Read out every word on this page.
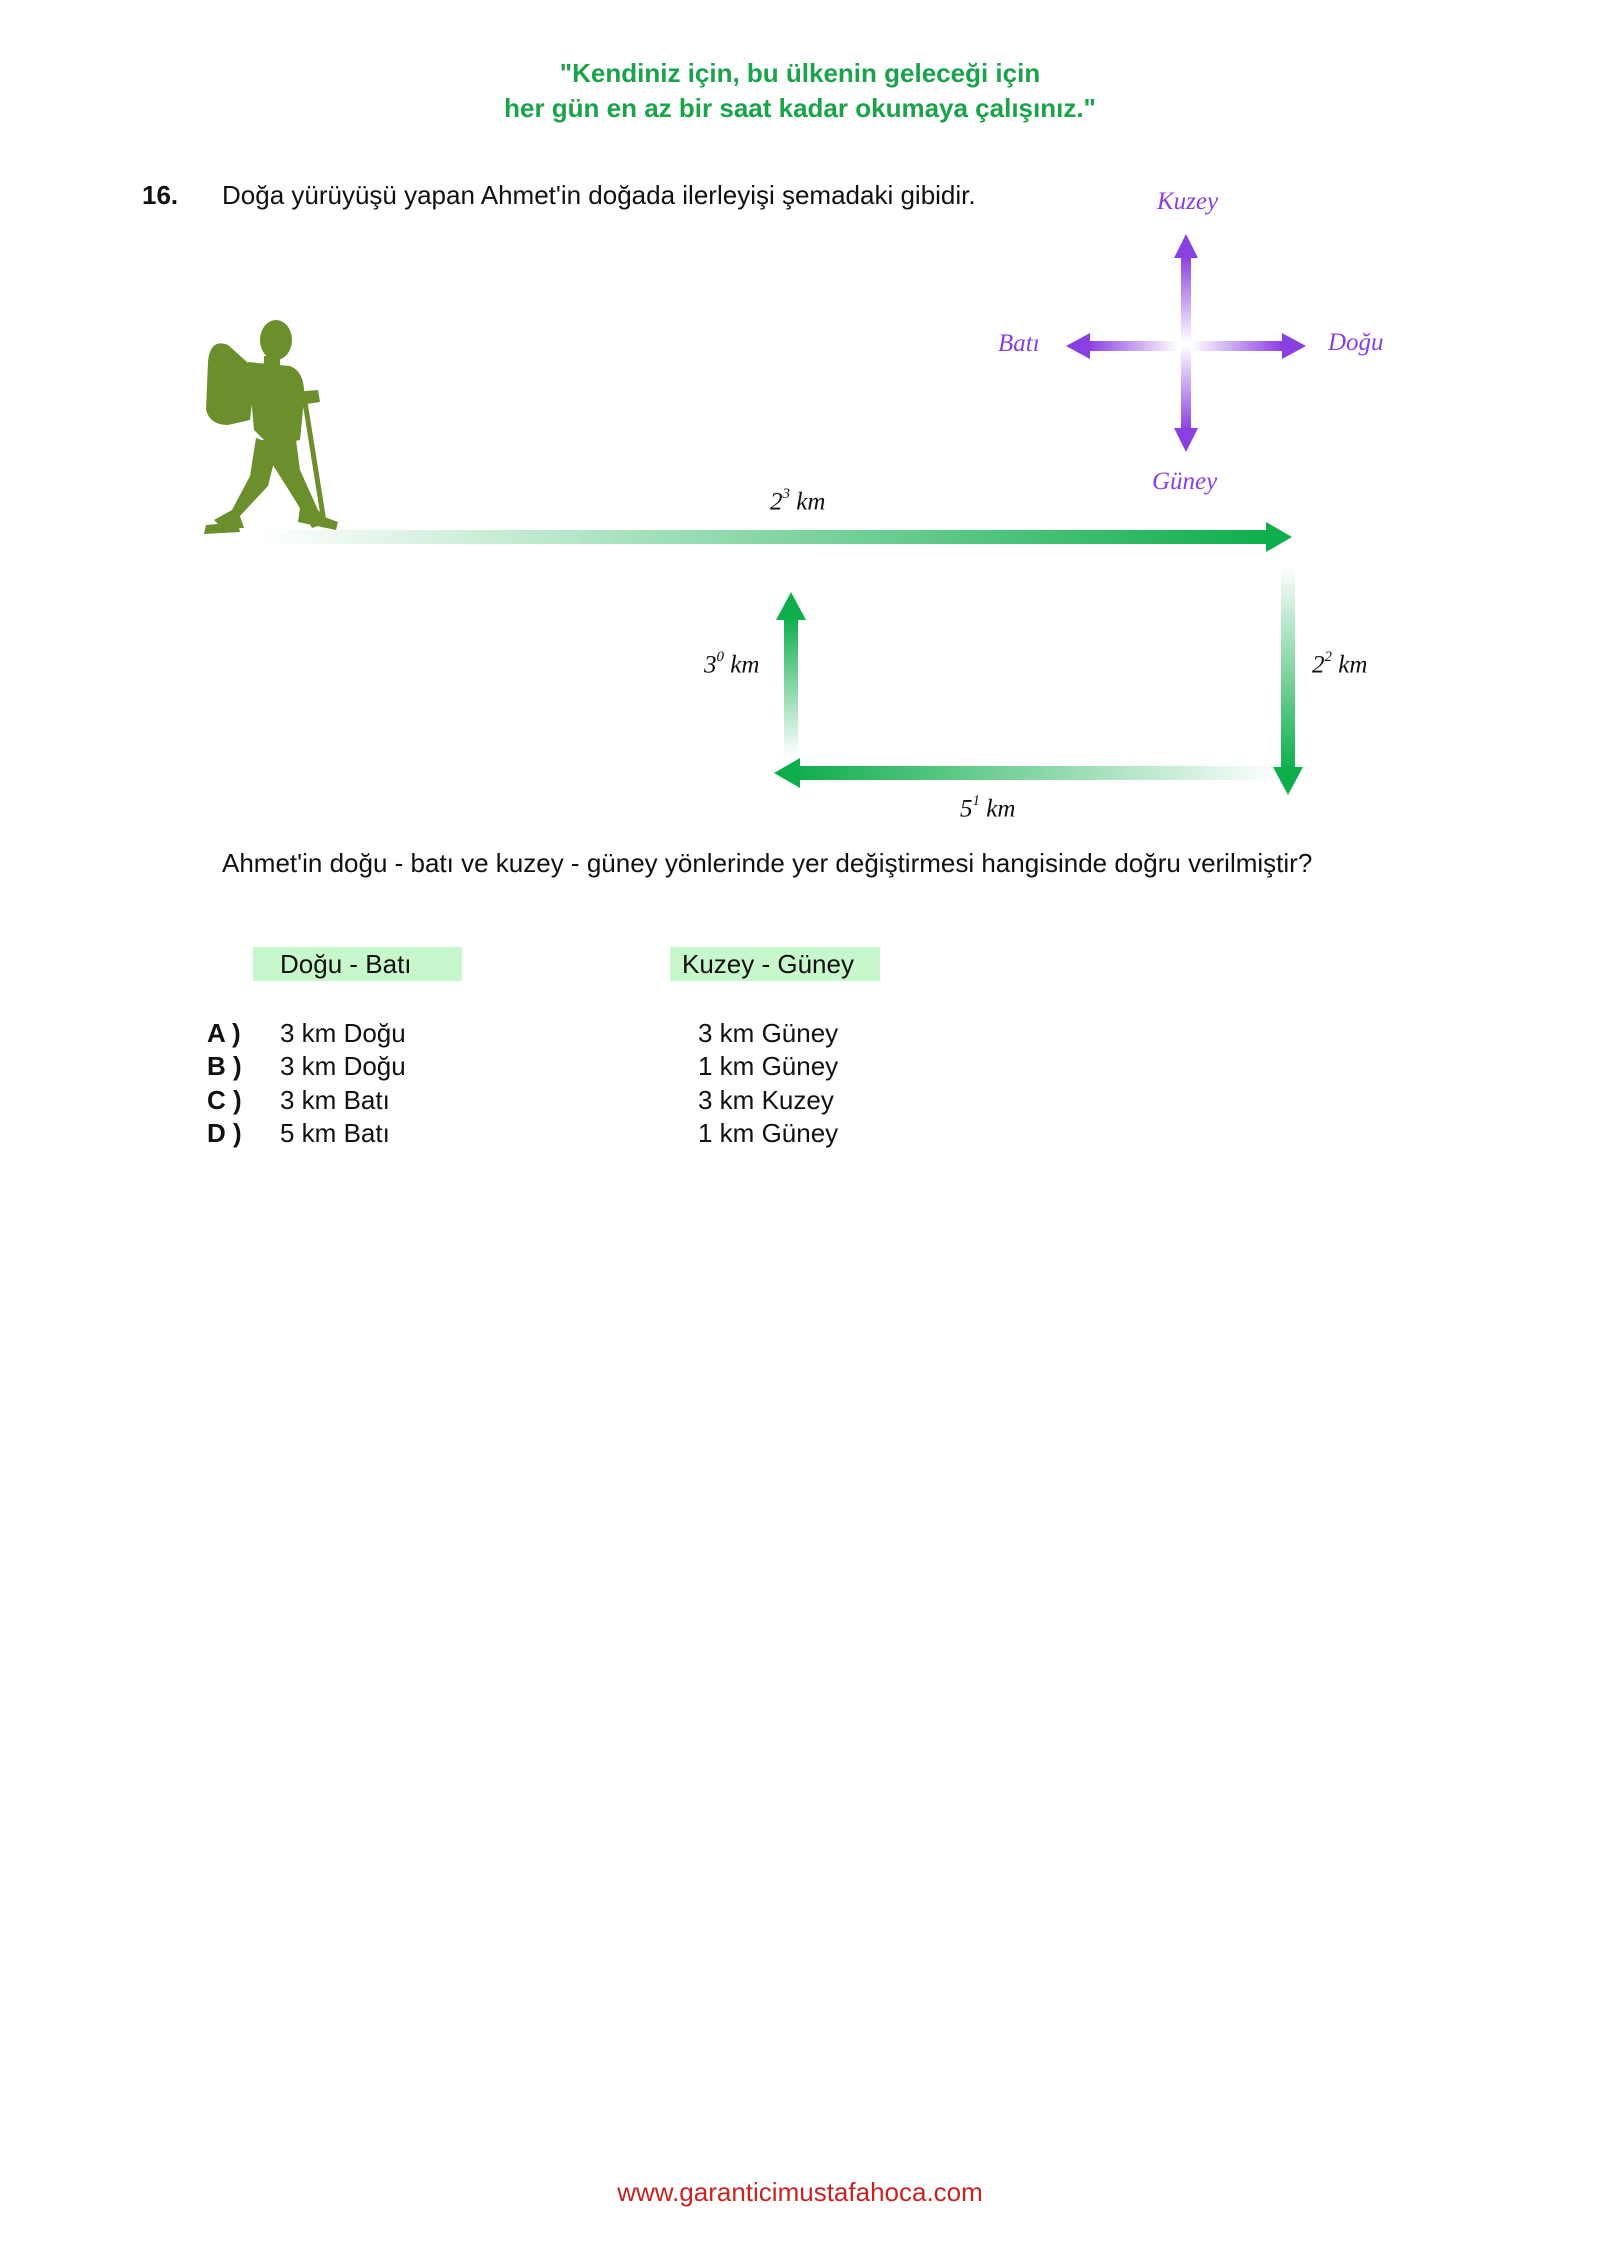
"Kendiniz için, bu ülkenin geleceği için
her gün en az bir saat kadar okumaya çalışınız."
16. Doğa yürüyüşü yapan Ahmet'in doğada ilerleyişi şemadaki gibidir.	Kuzey
Güney
Doğu
Batı
$2^3$ km
$2^2$ km
$5^1$ km
$3^0$ km
Ahmet'in doğu - batı ve kuzey - güney yönlerinde yer değiştirmesi hangisinde doğru verilmiştir?
Doğu - Batı	Kuzey - Güney
A ) 3 km Doğu	3 km Güney
B ) 3 km Doğu	1 km Güney
C ) 3 km Batı	3 km Kuzey
D ) 5 km Batı	1 km Güney
www.garanticimustafahoca.com
